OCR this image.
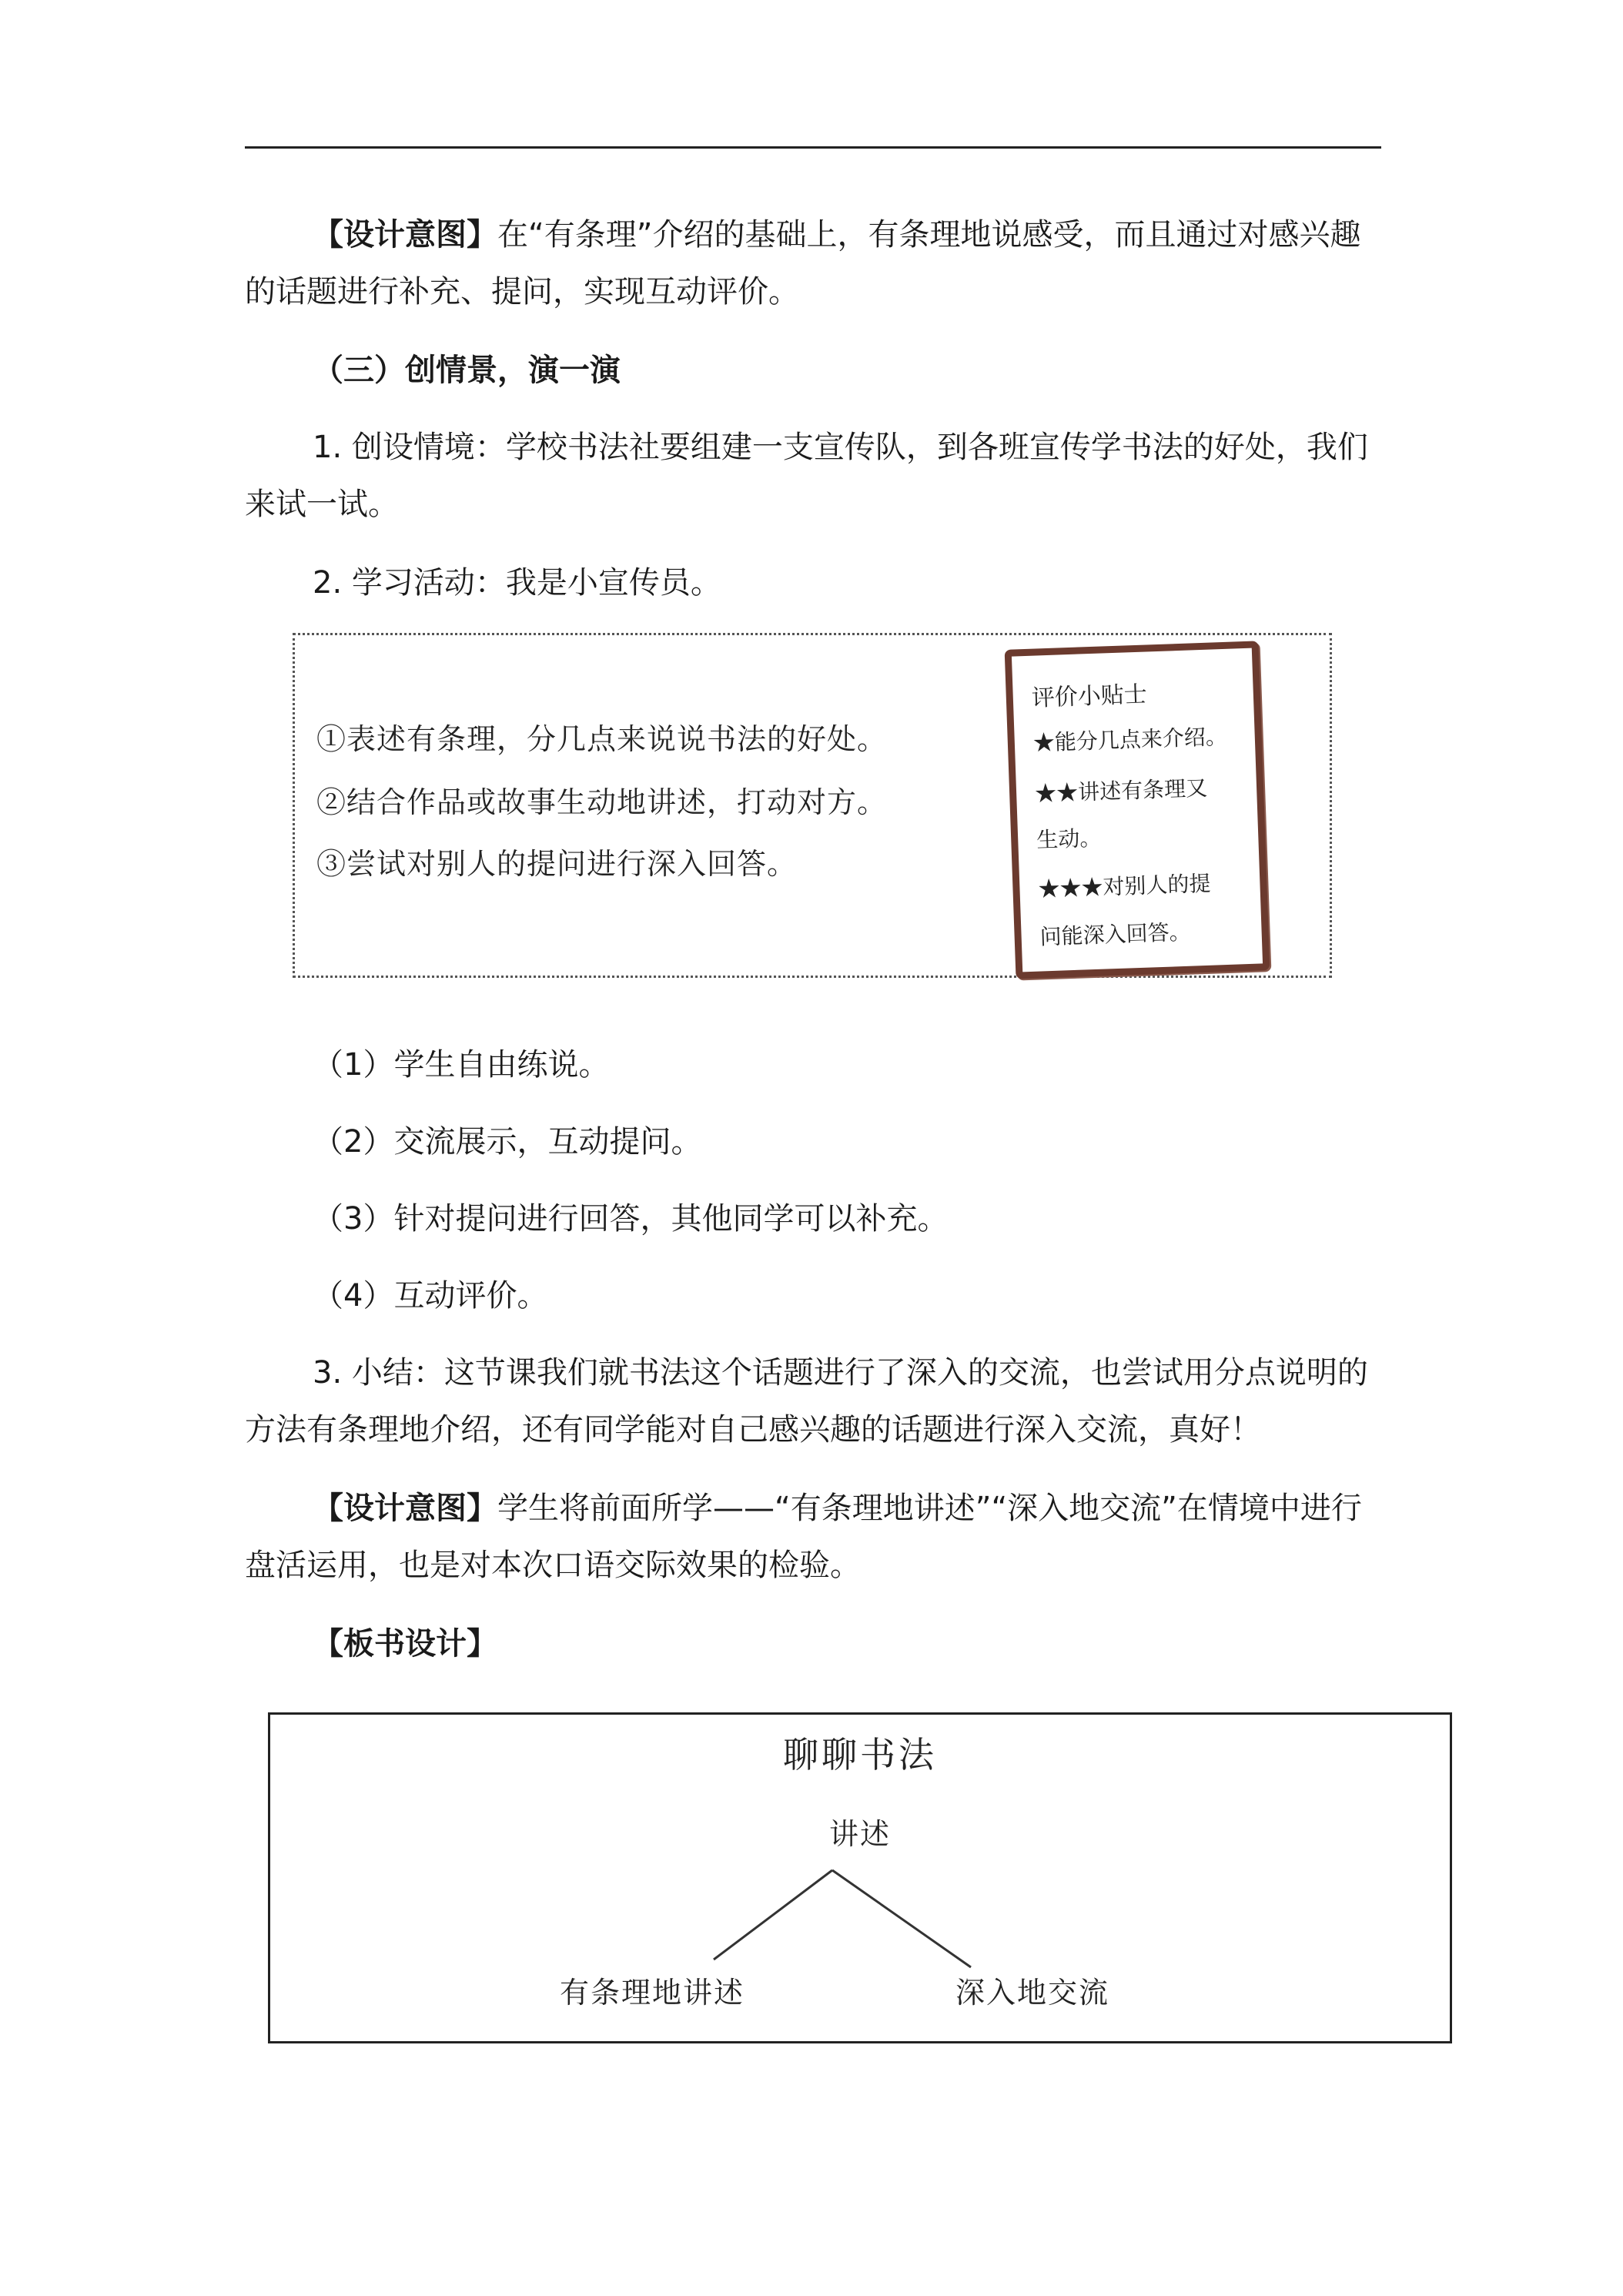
【设计意图】在“有条理”介绍的基础上，有条理地说感受，而且通过对感兴趣的话题进行补充、提问，实现互动评价。

（三）创情景，演一演

1. 创设情境：学校书法社要组建一支宣传队，到各班宣传学书法的好处，我们来试一试。

2. 学习活动：我是小宣传员。

①表述有条理，分几点来说说书法的好处。

②结合作品或故事生动地讲述，打动对方。

③尝试对别人的提问进行深入回答。

评价小贴士

★能分几点来介绍。

★★讲述有条理又

生动。

★★★对别人的提

问能深入回答。

（1）学生自由练说。

（2）交流展示，互动提问。

（3）针对提问进行回答，其他同学可以补充。

（4）互动评价。

3. 小结：这节课我们就书法这个话题进行了深入的交流，也尝试用分点说明的方法有条理地介绍，还有同学能对自己感兴趣的话题进行深入交流，真好！

【设计意图】学生将前面所学——“有条理地讲述”“深入地交流”在情境中进行盘活运用，也是对本次口语交际效果的检验。

【板书设计】

聊聊书法

讲述

有条理地讲述	深入地交流
